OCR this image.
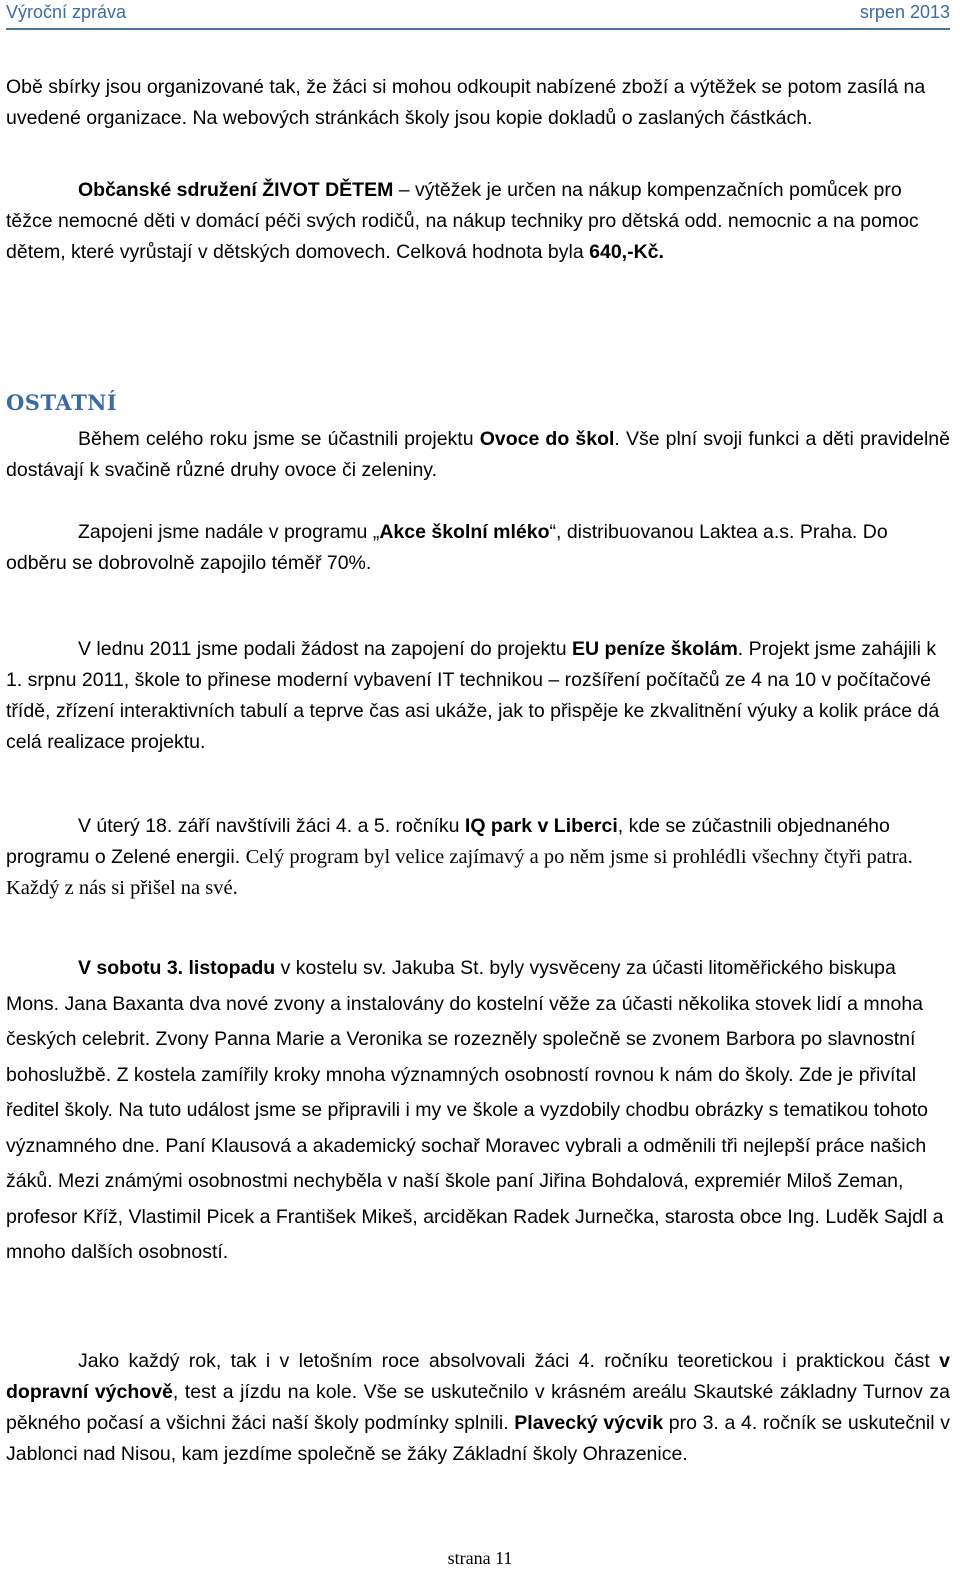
Výroční zpráva	srpen 2013

Obě sbírky jsou organizované tak, že žáci si mohou odkoupit nabízené zboží a výtěžek se potom zasílá na uvedené organizace. Na webových stránkách školy jsou kopie dokladů o zaslaných částkách.

Občanské sdružení ŽIVOT DĚTEM – výtěžek je určen na nákup kompenzačních pomůcek pro těžce nemocné děti v domácí péči svých rodičů, na nákup techniky pro dětská odd. nemocnic a na pomoc dětem, které vyrůstají v dětských domovech. Celková hodnota byla 640,-Kč.

OSTATNÍ

Během celého roku jsme se účastnili projektu Ovoce do škol. Vše plní svoji funkci a děti pravidelně dostávají k svačině různé druhy ovoce či zeleniny.

Zapojeni jsme nadále v programu „Akce školní mléko“, distribuovanou Laktea a.s. Praha. Do odběru se dobrovolně zapojilo téměř 70%.

V lednu 2011 jsme podali žádost na zapojení do projektu EU peníze školám. Projekt jsme zahájili k 1. srpnu 2011, škole to přinese moderní vybavení IT technikou – rozšíření počítačů ze 4 na 10 v počítačové třídě, zřízení interaktivních tabulí a teprve čas asi ukáže, jak to přispěje ke zkvalitnění výuky a kolik práce dá celá realizace projektu.

V úterý 18. září navštívili žáci 4. a 5. ročníku IQ park v Liberci, kde se zúčastnili objednaného programu o Zelené energii. Celý program byl velice zajímavý a po něm jsme si prohlédli všechny čtyři patra. Každý z nás si přišel na své.

V sobotu 3. listopadu v kostelu sv. Jakuba St. byly vysvěceny za účasti litoměřického biskupa Mons. Jana Baxanta dva nové zvony a instalovány do kostelní věže za účasti několika stovek lidí a mnoha českých celebrit. Zvony Panna Marie a Veronika se rozezněly společně se zvonem Barbora po slavnostní bohoslužbě. Z kostela zamířily kroky mnoha významných osobností rovnou k nám do školy. Zde je přivítal ředitel školy. Na tuto událost jsme se připravili i my ve škole a vyzdobily chodbu obrázky s tematikou tohoto významného dne. Paní Klausová a akademický sochař Moravec vybrali a odměnili tři nejlepší práce našich žáků. Mezi známými osobnostmi nechyběla v naší škole paní Jiřina Bohdalová, expremiér Miloš Zeman, profesor Kříž, Vlastimil Picek a František Mikeš, arciděkan Radek Jurnečka, starosta obce Ing. Luděk Sajdl a mnoho dalších osobností.

Jako každý rok, tak i v letošním roce absolvovali žáci 4. ročníku teoretickou i praktickou část v dopravní výchově, test a jízdu na kole. Vše se uskutečnilo v krásném areálu Skautské základny Turnov za pěkného počasí a všichni žáci naší školy podmínky splnili. Plavecký výcvik pro 3. a 4. ročník se uskutečnil v Jablonci nad Nisou, kam jezdíme společně se žáky Základní školy Ohrazenice.

strana 11
